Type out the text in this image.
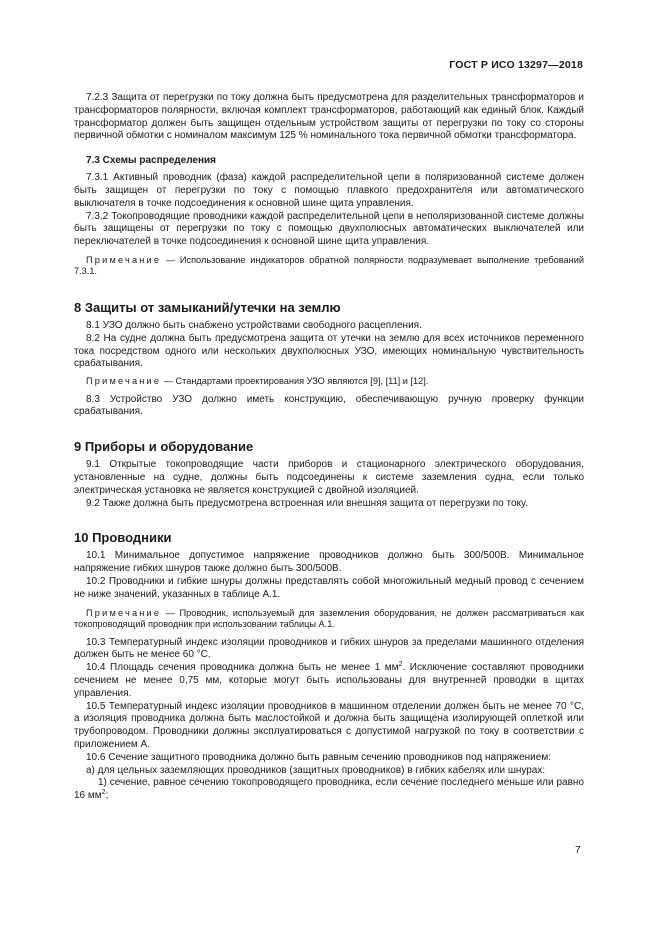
ГОСТ Р ИСО 13297—2018

7.2.3 Защита от перегрузки по току должна быть предусмотрена для разделительных трансформаторов и трансформаторов полярности, включая комплект трансформаторов, работающий как единый блок. Каждый трансформатор должен быть защищен отдельным устройством защиты от перегрузки по току со стороны первичной обмотки с номиналом максимум 125 % номинального тока первичной обмотки трансформатора.

7.3 Схемы распределения

7.3.1 Активный проводник (фаза) каждой распределительной цепи в поляризованной системе должен быть защищен от перегрузки по току с помощью плавкого предохранителя или автоматического выключателя в точке подсоединения к основной шине щита управления.

7.3.2 Токопроводящие проводники каждой распределительной цепи в неполяризованной системе должны быть защищены от перегрузки по току с помощью двухполюсных автоматических выключателей или переключателей в точке подсоединения к основной шине щита управления.

Примечание — Использование индикаторов обратной полярности подразумевает выполнение требований 7.3.1.

8 Защиты от замыканий/утечки на землю

8.1 УЗО должно быть снабжено устройствами свободного расцепления.

8.2 На судне должна быть предусмотрена защита от утечки на землю для всех источников переменного тока посредством одного или нескольких двухполюсных УЗО, имеющих номинальную чувствительность срабатывания.

Примечание — Стандартами проектирования УЗО являются [9], [11] и [12].

8.3 Устройство УЗО должно иметь конструкцию, обеспечивающую ручную проверку функции срабатывания.

9 Приборы и оборудование

9.1 Открытые токопроводящие части приборов и стационарного электрического оборудования, установленные на судне, должны быть подсоединены к системе заземления судна, если только электрическая установка не является конструкцией с двойной изоляцией.

9.2 Также должна быть предусмотрена встроенная или внешняя защита от перегрузки по току.

10 Проводники

10.1 Минимальное допустимое напряжение проводников должно быть 300/500В. Минимальное напряжение гибких шнуров также должно быть 300/500В.

10.2 Проводники и гибкие шнуры должны представлять собой многожильный медный провод с сечением не ниже значений, указанных в таблице А.1.

Примечание — Проводник, используемый для заземления оборудования, не должен рассматриваться как токопроводящий проводник при использовании таблицы А.1.

10.3 Температурный индекс изоляции проводников и гибких шнуров за пределами машинного отделения должен быть не менее 60 °С.

10.4 Площадь сечения проводника должна быть не менее 1 $мм^2$. Исключение составляют проводники сечением не менее 0,75 мм, которые могут быть использованы для внутренней проводки в щитах управления.

10.5 Температурный индекс изоляции проводников в машинном отделении должен быть не менее 70 °С, а изоляция проводника должна быть маслостойкой и должна быть защищена изолирующей оплеткой или трубопроводом. Проводники должны эксплуатироваться с допустимой нагрузкой по току в соответствии с приложением А.

10.6 Сечение защитного проводника должно быть равным сечению проводников под напряжением:

а) для цельных заземляющих проводников (защитных проводников) в гибких кабелях или шнурах:

1) сечение, равное сечению токопроводящего проводника, если сечение последнего меньше или равно 16 $мм^2$;

7
